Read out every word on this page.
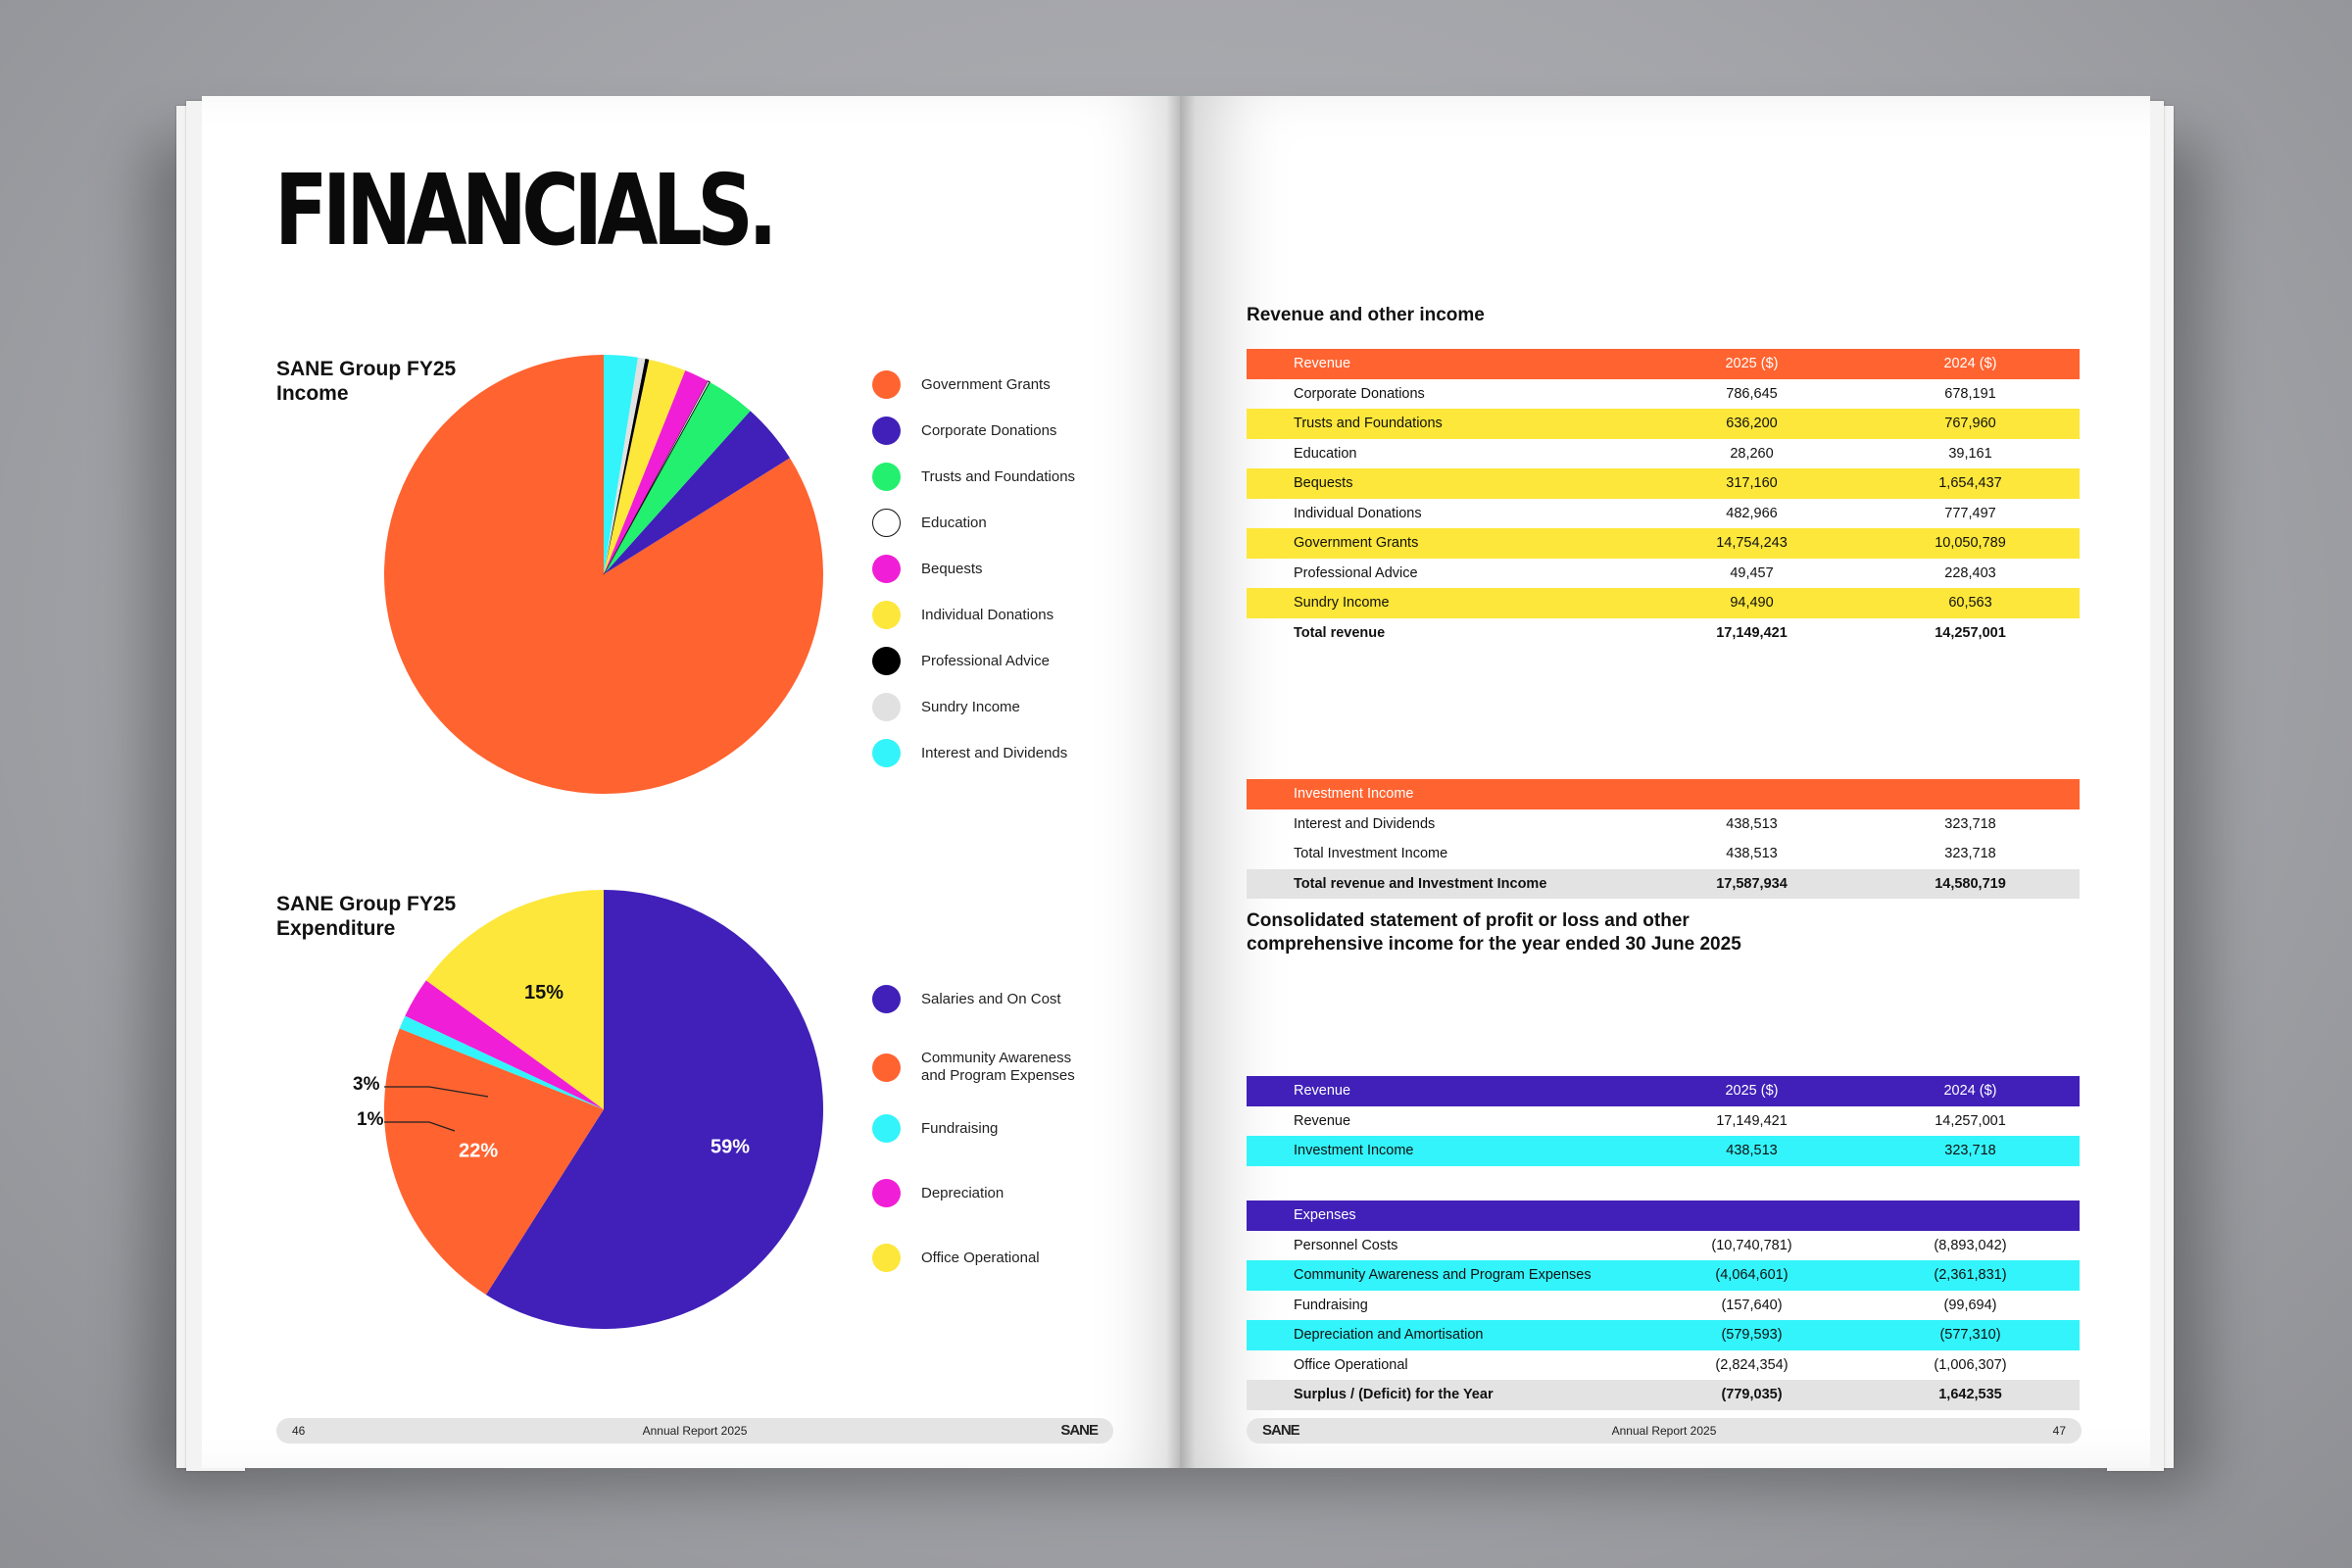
FINANCIALS.
SANE Group FY25
Income	Government Grants
Corporate Donations
Trusts and Foundations
Education
Bequests
Individual Donations
Professional Advice
Sundry Income
Interest and Dividends
SANE Group FY25
Expenditure
59%
22%
15%
3%
1%
Salaries and On Cost
Community Awareness
and Program Expenses
Fundraising
Depreciation
Office Operational
46	Annual Report 2025	SANE
Revenue and other income
Revenue	2025 ($)	2024 ($)
Corporate Donations	786,645	678,191
Trusts and Foundations	636,200	767,960
Education	28,260	39,161
Bequests	317,160	1,654,437
Individual Donations	482,966	777,497
Government Grants	14,754,243	10,050,789
Professional Advice	49,457	228,403
Sundry Income	94,490	60,563
Total revenue	17,149,421	14,257,001
Investment Income		
Interest and Dividends	438,513	323,718
Total Investment Income	438,513	323,718
Total revenue and Investment Income	17,587,934	14,580,719
Consolidated statement of profit or loss and other
comprehensive income for the year ended 30 June 2025
Revenue	2025 ($)	2024 ($)
Revenue	17,149,421	14,257,001
Investment Income	438,513	323,718
Expenses		
Personnel Costs	(10,740,781)	(8,893,042)
Community Awareness and Program Expenses	(4,064,601)	(2,361,831)
Fundraising	(157,640)	(99,694)
Depreciation and Amortisation	(579,593)	(577,310)
Office Operational	(2,824,354)	(1,006,307)
Surplus / (Deficit) for the Year	(779,035)	1,642,535
SANE	Annual Report 2025	47
